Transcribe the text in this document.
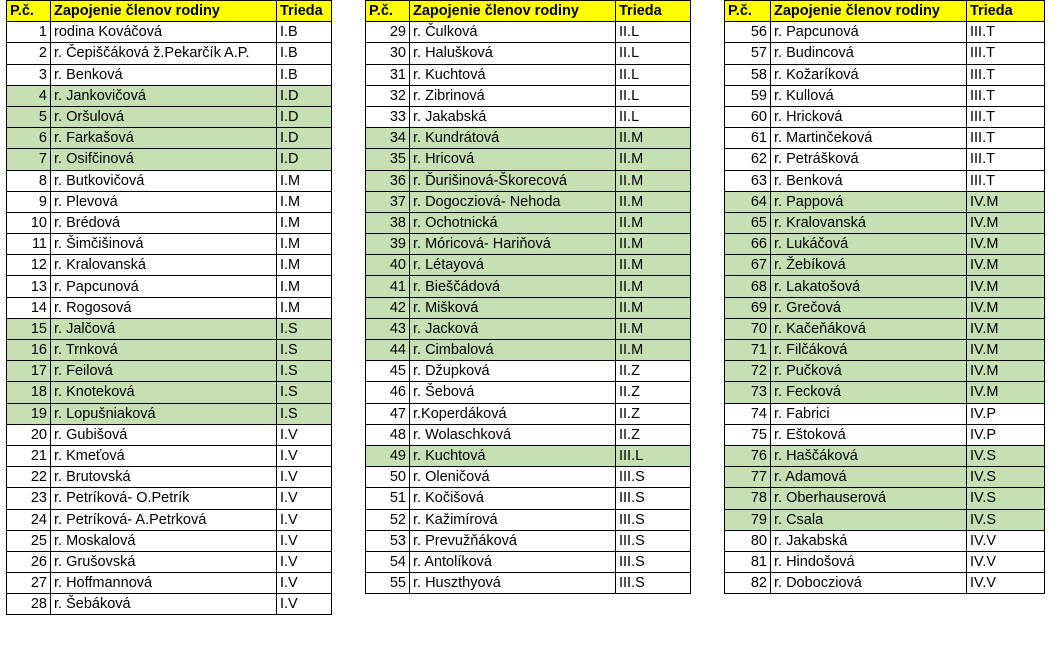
P.č.	Zapojenie členov rodiny	Trieda
1	rodina Kováčová	I.B
2	r. Čepiščáková ž.Pekarčík A.P.	I.B
3	r. Benková	I.B
4	r. Jankovičová	I.D
5	r. Oršulová	I.D
6	r. Farkašová	I.D
7	r. Osifčinová	I.D
8	r. Butkovičová	I.M
9	r. Plevová	I.M
10	r. Brédová	I.M
11	r. Šimčišinová	I.M
12	r. Kralovanská	I.M
13	r. Papcunová	I.M
14	r. Rogosová	I.M
15	r. Jalčová	I.S
16	r. Trnková	I.S
17	r. Feilová	I.S
18	r. Knoteková	I.S
19	r. Lopušniaková	I.S
20	r. Gubišová	I.V
21	r. Kmeťová	I.V
22	r. Brutovská	I.V
23	r. Petríková- O.Petrík	I.V
24	r. Petríková- A.Petrková	I.V
25	r. Moskalová	I.V
26	r. Grušovská	I.V
27	r. Hoffmannová	I.V
28	r. Šebáková	I.V
P.č.	Zapojenie členov rodiny	Trieda
29	r. Čulková	II.L
30	r. Halušková	II.L
31	r. Kuchtová	II.L
32	r. Zibrinová	II.L
33	r. Jakabská	II.L
34	r. Kundrátová	II.M
35	r. Hricová	II.M
36	r. Ďurišinová-Škorecová	II.M
37	r. Dogocziová- Nehoda	II.M
38	r. Ochotnická	II.M
39	r. Móricová- Hariňová	II.M
40	r. Létayová	II.M
41	r. Bieščádová	II.M
42	r. Mišková	II.M
43	r. Jacková	II.M
44	r. Cimbalová	II.M
45	r. Džupková	II.Z
46	r. Šebová	II.Z
47	r.Koperdáková	II.Z
48	r. Wolaschková	II.Z
49	r. Kuchtová	III.L
50	r. Oleničová	III.S
51	r. Kočišová	III.S
52	r. Kažimírová	III.S
53	r. Prevužňáková	III.S
54	r. Antolíková	III.S
55	r. Huszthyová	III.S
P.č.	Zapojenie členov rodiny	Trieda
56	r. Papcunová	III.T
57	r. Budincová	III.T
58	r. Kožaríková	III.T
59	r. Kullová	III.T
60	r. Hricková	III.T
61	r. Martinčeková	III.T
62	r. Petrášková	III.T
63	r. Benková	III.T
64	r. Pappová	IV.M
65	r. Kralovanská	IV.M
66	r. Lukáčová	IV.M
67	r. Žebíková	IV.M
68	r. Lakatošová	IV.M
69	r. Grečová	IV.M
70	r. Kačeňáková	IV.M
71	r. Filčáková	IV.M
72	r. Pučková	IV.M
73	r. Fecková	IV.M
74	r. Fabrici	IV.P
75	r. Eštoková	IV.P
76	r. Haščáková	IV.S
77	r. Adamová	IV.S
78	r. Oberhauserová	IV.S
79	r. Csala	IV.S
80	r. Jakabská	IV.V
81	r. Hindošová	IV.V
82	r. Dobocziová	IV.V
